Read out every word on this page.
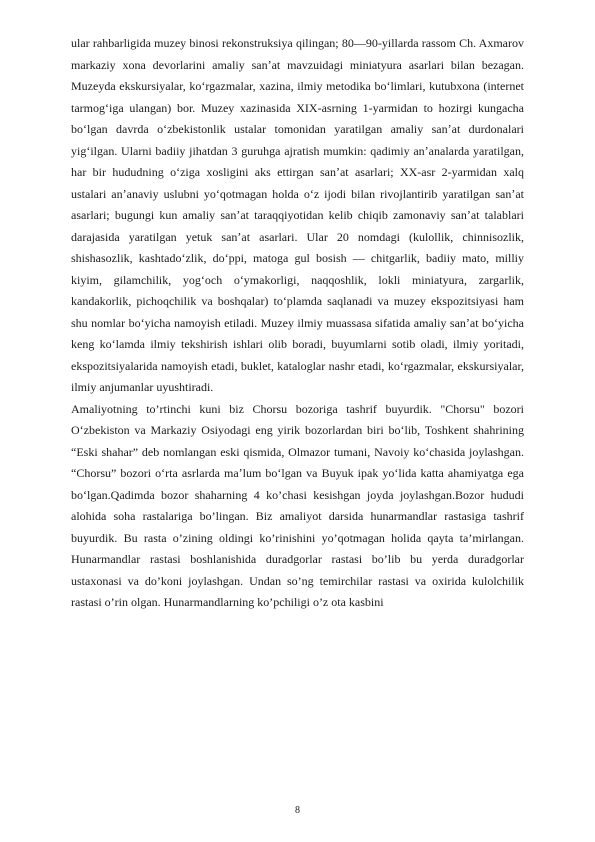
ular rahbarligida muzey binosi rekonstruksiya qilingan; 80—90-yillarda rassom Ch. Axmarov markaziy xona devorlarini amaliy sanʼat mavzuidagi miniatyura asarlari bilan bezagan. Muzeyda ekskursiyalar, koʻrgazmalar, xazina, ilmiy metodika boʻlimlari, kutubxona (internet tarmogʻiga ulangan) bor. Muzey xazinasida XIX-asrning 1-yarmidan to hozirgi kungacha boʻlgan davrda oʻzbekistonlik ustalar tomonidan yaratilgan amaliy sanʼat durdonalari yigʻilgan. Ularni badiiy jihatdan 3 guruhga ajratish mumkin: qadimiy anʼanalarda yaratilgan, har bir hududning oʻziga xosligini aks ettirgan sanʼat asarlari; XX-asr 2-yarmidan xalq ustalari anʼanaviy uslubni yoʻqotmagan holda oʻz ijodi bilan rivojlantirib yaratilgan sanʼat asarlari; bugungi kun amaliy sanʼat taraqqiyotidan kelib chiqib zamonaviy sanʼat talablari darajasida yaratilgan yetuk sanʼat asarlari. Ular 20 nomdagi (kulollik, chinnisozlik, shishasozlik, kashtadoʻzlik, doʻppi, matoga gul bosish — chitgarlik, badiiy mato, milliy kiyim, gilamchilik, yogʻoch oʻymakorligi, naqqoshlik, lokli miniatyura, zargarlik, kandakorlik, pichoqchilik va boshqalar) toʻplamda saqlanadi va muzey ekspozitsiyasi ham shu nomlar boʻyicha namoyish etiladi. Muzey ilmiy muassasa sifatida amaliy sanʼat boʻyicha keng koʻlamda ilmiy tekshirish ishlari olib boradi, buyumlarni sotib oladi, ilmiy yoritadi, ekspozitsiyalarida namoyish etadi, buklet, kataloglar nashr etadi, koʻrgazmalar, ekskursiyalar, ilmiy anjumanlar uyushtiradi.

Amaliyotning to’rtinchi kuni biz Chorsu bozoriga tashrif buyurdik. "Chorsu" bozori Oʻzbekiston va Markaziy Osiyodagi eng yirik bozorlardan biri boʻlib, Toshkent shahrining “Eski shahar” deb nomlangan eski qismida, Olmazor tumani, Navoiy koʻchasida joylashgan. “Chorsu” bozori oʻrta asrlarda maʼlum boʻlgan va Buyuk ipak yoʻlida katta ahamiyatga ega boʻlgan.Qadimda bozor shaharning 4 ko’chasi kesishgan joyda joylashgan.Bozor hududi alohida soha rastalariga bo’lingan. Biz amaliyot darsida hunarmandlar rastasiga tashrif buyurdik. Bu rasta o’zining oldingi ko’rinishini yo’qotmagan holida qayta ta’mirlangan. Hunarmandlar rastasi boshlanishida duradgorlar rastasi bo’lib bu yerda duradgorlar ustaxonasi va do’koni joylashgan. Undan so’ng temirchilar rastasi va oxirida kulolchilik rastasi o’rin olgan. Hunarmandlarning ko’pchiligi o’z ota kasbini

8
